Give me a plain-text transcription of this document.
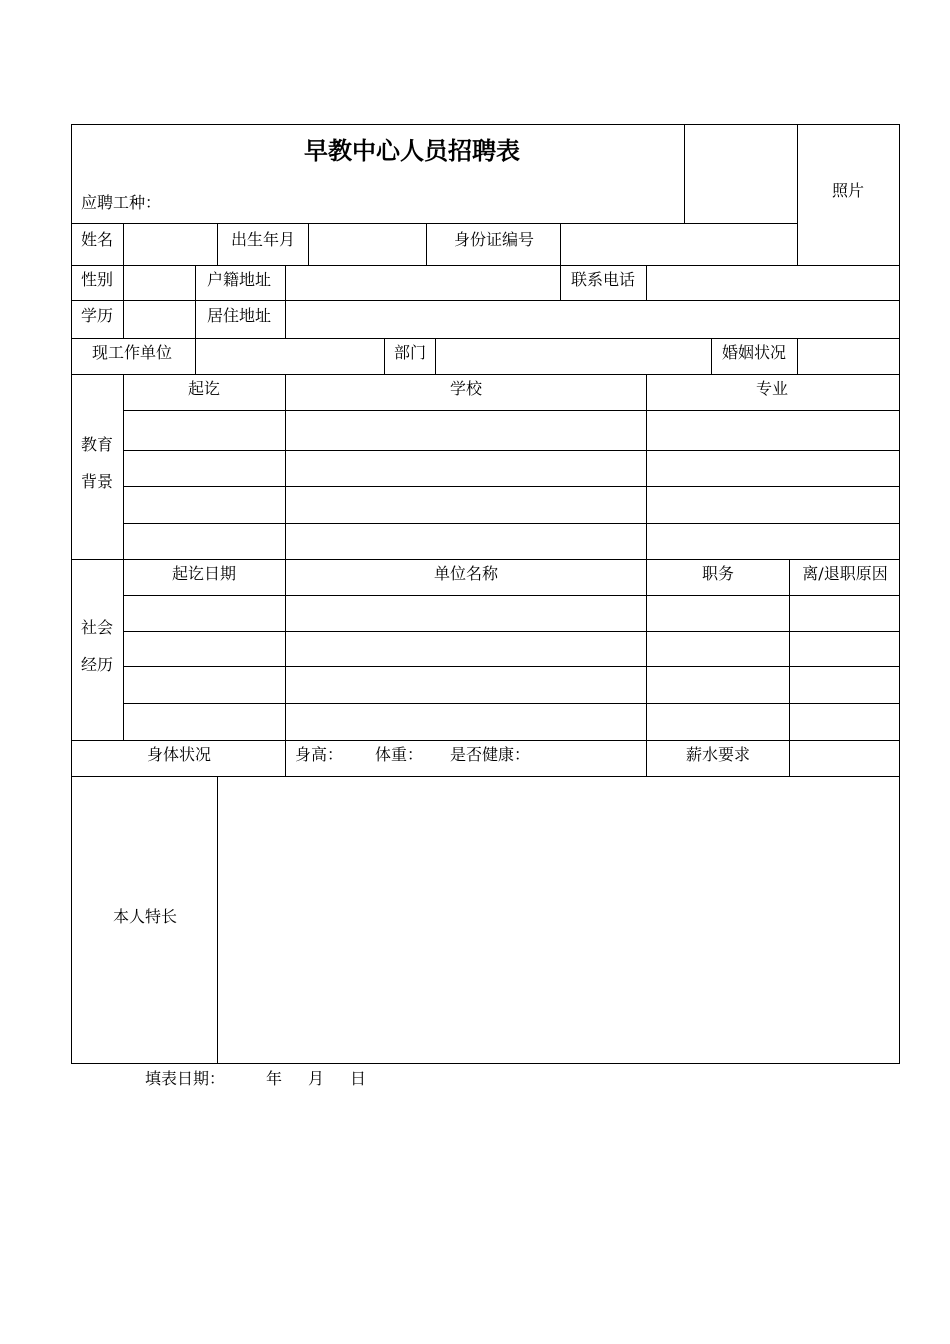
早教中心人员招聘表
应聘工种：
照片
姓名	出生年月	身份证编号
性别	户籍地址	联系电话
学历	居住地址
现工作单位	部门	婚姻状况
教育
背景
起讫	学校	专业
社会
经历
起讫日期	单位名称	职务	离/退职原因
身体状况	身高： 体重： 是否健康：	薪水要求
本人特长
填表日期：	年 月 日
